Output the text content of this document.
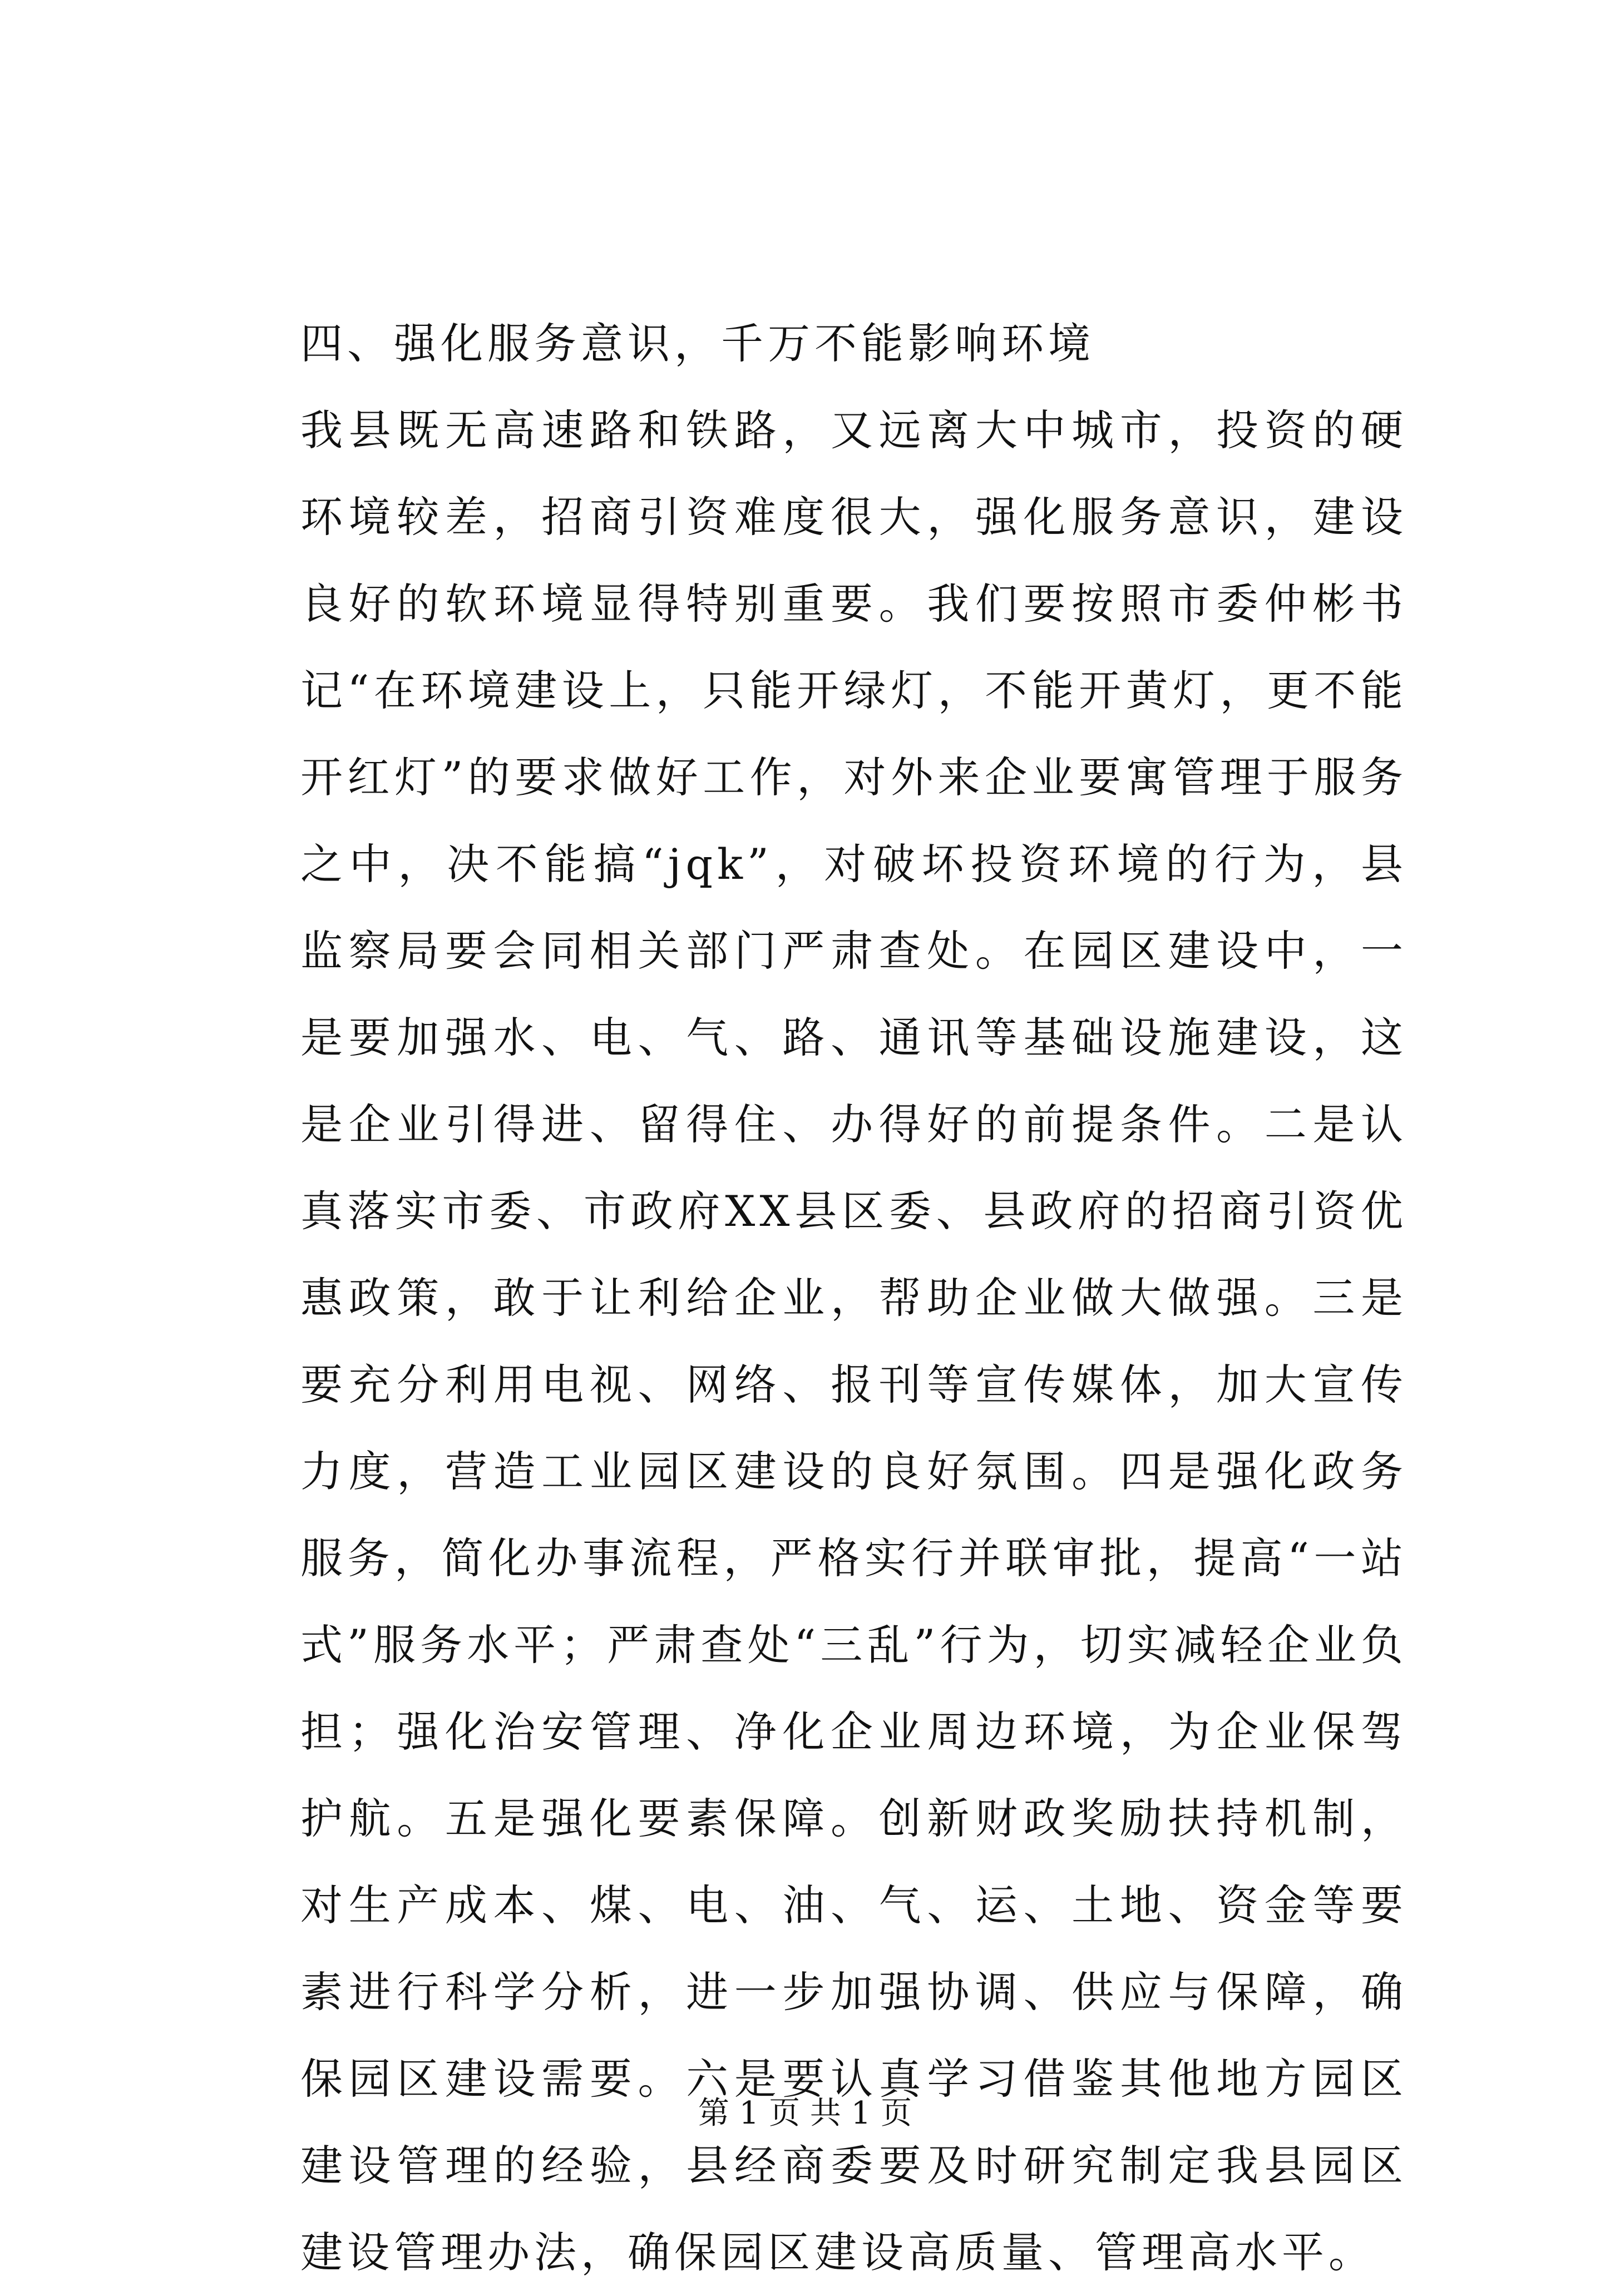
四、强化服务意识，千万不能影响环境

我县既无高速路和铁路，又远离大中城市，投资的硬环境较差，招商引资难度很大，强化服务意识，建设良好的软环境显得特别重要。我们要按照市委仲彬书记“在环境建设上，只能开绿灯，不能开黄灯，更不能开红灯”的要求做好工作，对外来企业要寓管理于服务之中，决不能搞“jqk”，对破坏投资环境的行为，县监察局要会同相关部门严肃查处。在园区建设中，一是要加强水、电、气、路、通讯等基础设施建设，这是企业引得进、留得住、办得好的前提条件。二是认真落实市委、市政府XX县区委、县政府的招商引资优惠政策，敢于让利给企业，帮助企业做大做强。三是要充分利用电视、网络、报刊等宣传媒体，加大宣传力度，营造工业园区建设的良好氛围。四是强化政务服务，简化办事流程，严格实行并联审批，提高“一站式”服务水平；严肃查处“三乱”行为，切实减轻企业负担；强化治安管理、净化企业周边环境，为企业保驾护航。五是强化要素保障。创新财政奖励扶持机制，对生产成本、煤、电、油、气、运、土地、资金等要素进行科学分析，进一步加强协调、供应与保障，确保园区建设需要。六是要认真学习借鉴其他地方园区建设管理的经验，县经商委要及时研究制定我县园区建设管理办法，确保园区建设高质量、管理高水平。

第 1 页 共 1 页
